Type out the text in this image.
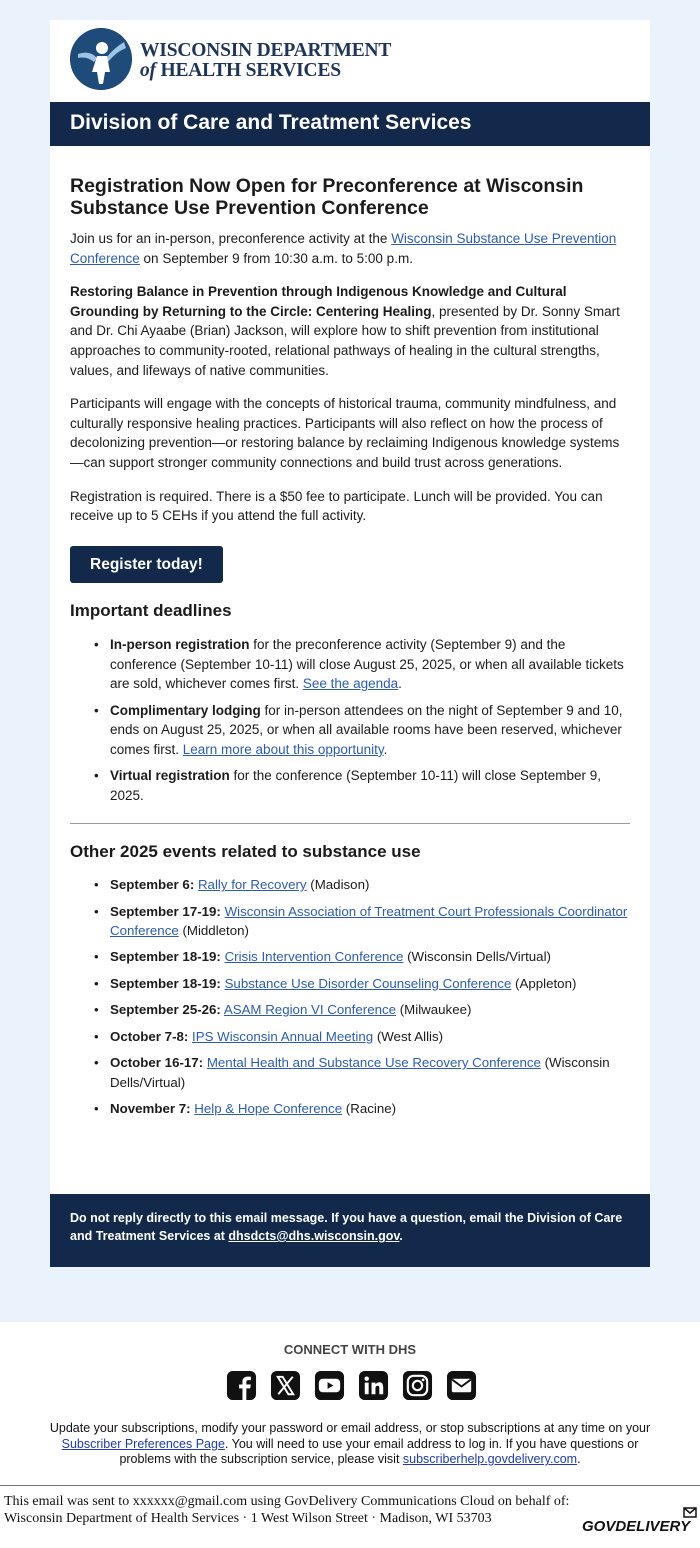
WISCONSIN DEPARTMENT
of HEALTH SERVICES
Division of Care and Treatment Services
Registration Now Open for Preconference at Wisconsin Substance Use Prevention Conference

Join us for an in-person, preconference activity at the Wisconsin Substance Use Prevention Conference on September 9 from 10:30 a.m. to 5:00 p.m.

Restoring Balance in Prevention through Indigenous Knowledge and Cultural Grounding by Returning to the Circle: Centering Healing, presented by Dr. Sonny Smart and Dr. Chi Ayaabe (Brian) Jackson, will explore how to shift prevention from institutional approaches to community-rooted, relational pathways of healing in the cultural strengths, values, and lifeways of native communities.

Participants will engage with the concepts of historical trauma, community mindfulness, and culturally responsive healing practices. Participants will also reflect on how the process of decolonizing prevention—or restoring balance by reclaiming Indigenous knowledge systems—can support stronger community connections and build trust across generations.

Registration is required. There is a $50 fee to participate. Lunch will be provided. You can receive up to 5 CEHs if you attend the full activity.

Register today!
Important deadlines
• In-person registration for the preconference activity (September 9) and the conference (September 10-11) will close August 25, 2025, or when all available tickets are sold, whichever comes first. See the agenda.
• Complimentary lodging for in-person attendees on the night of September 9 and 10, ends on August 25, 2025, or when all available rooms have been reserved, whichever comes first. Learn more about this opportunity.
• Virtual registration for the conference (September 10-11) will close September 9, 2025.
Other 2025 events related to substance use
• September 6: Rally for Recovery (Madison)
• September 17-19: Wisconsin Association of Treatment Court Professionals Coordinator Conference (Middleton)
• September 18-19: Crisis Intervention Conference (Wisconsin Dells/Virtual)
• September 18-19: Substance Use Disorder Counseling Conference (Appleton)
• September 25-26: ASAM Region VI Conference (Milwaukee)
• October 7-8: IPS Wisconsin Annual Meeting (West Allis)
• October 16-17: Mental Health and Substance Use Recovery Conference (Wisconsin Dells/Virtual)
• November 7: Help & Hope Conference (Racine)
Do not reply directly to this email message. If you have a question, email the Division of Care and Treatment Services at dhsdcts@dhs.wisconsin.gov.
CONNECT WITH DHS
Update your subscriptions, modify your password or email address, or stop subscriptions at any time on your Subscriber Preferences Page. You will need to use your email address to log in. If you have questions or problems with the subscription service, please visit subscriberhelp.govdelivery.com.
This email was sent to xxxxxx@gmail.com using GovDelivery Communications Cloud on behalf of: Wisconsin Department of Health Services · 1 West Wilson Street · Madison, WI 53703	GOVDELIVERY
